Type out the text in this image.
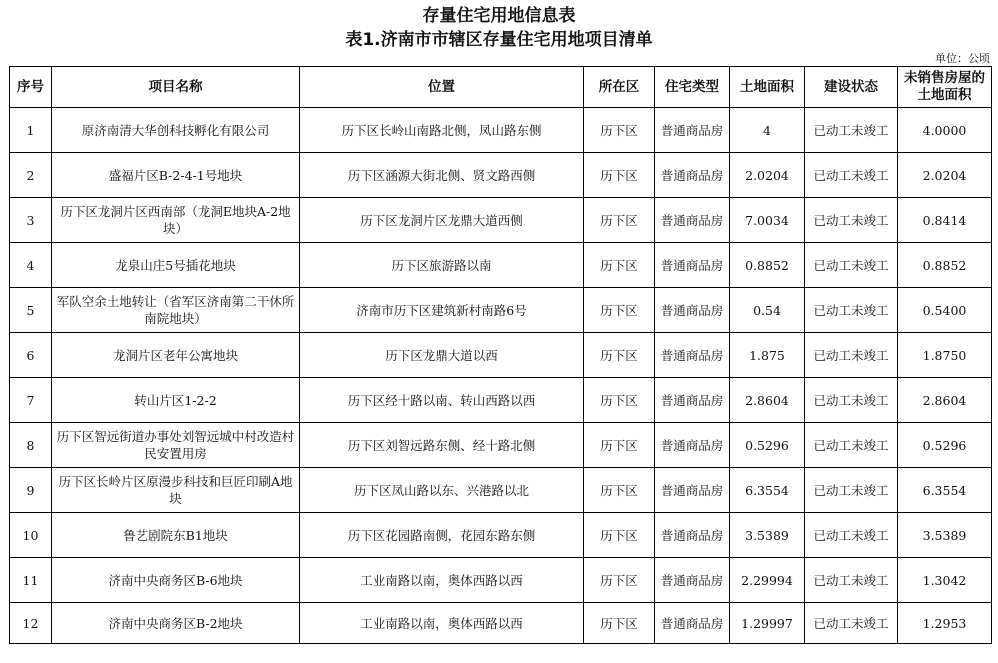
存量住宅用地信息表
表1.济南市市辖区存量住宅用地项目清单
单位：公顷
序号	项目名称	位置	所在区	住宅类型	土地面积	建设状态	未销售房屋的
土地面积
1	原济南清大华创科技孵化有限公司	历下区长岭山南路北侧，凤山路东侧	历下区	普通商品房	4	已动工未竣工	4.0000
2	盛福片区B-2-4-1号地块	历下区涵源大街北侧、贤文路西侧	历下区	普通商品房	2.0204	已动工未竣工	2.0204
3	历下区龙洞片区西南部（龙洞E地块A-2地块）	历下区龙洞片区龙鼎大道西侧	历下区	普通商品房	7.0034	已动工未竣工	0.8414
4	龙泉山庄5号插花地块	历下区旅游路以南	历下区	普通商品房	0.8852	已动工未竣工	0.8852
5	军队空余土地转让（省军区济南第二干休所南院地块）	济南市历下区建筑新村南路6号	历下区	普通商品房	0.54	已动工未竣工	0.5400
6	龙洞片区老年公寓地块	历下区龙鼎大道以西	历下区	普通商品房	1.875	已动工未竣工	1.8750
7	转山片区1-2-2	历下区经十路以南、转山西路以西	历下区	普通商品房	2.8604	已动工未竣工	2.8604
8	历下区智远街道办事处刘智远城中村改造村民安置用房	历下区刘智远路东侧、经十路北侧	历下区	普通商品房	0.5296	已动工未竣工	0.5296
9	历下区长岭片区原漫步科技和巨匠印刷A地块	历下区凤山路以东、兴港路以北	历下区	普通商品房	6.3554	已动工未竣工	6.3554
10	鲁艺剧院东B1地块	历下区花园路南侧，花园东路东侧	历下区	普通商品房	3.5389	已动工未竣工	3.5389
11	济南中央商务区B-6地块	工业南路以南，奥体西路以西	历下区	普通商品房	2.29994	已动工未竣工	1.3042
12	济南中央商务区B-2地块	工业南路以南，奥体西路以西	历下区	普通商品房	1.29997	已动工未竣工	1.2953
